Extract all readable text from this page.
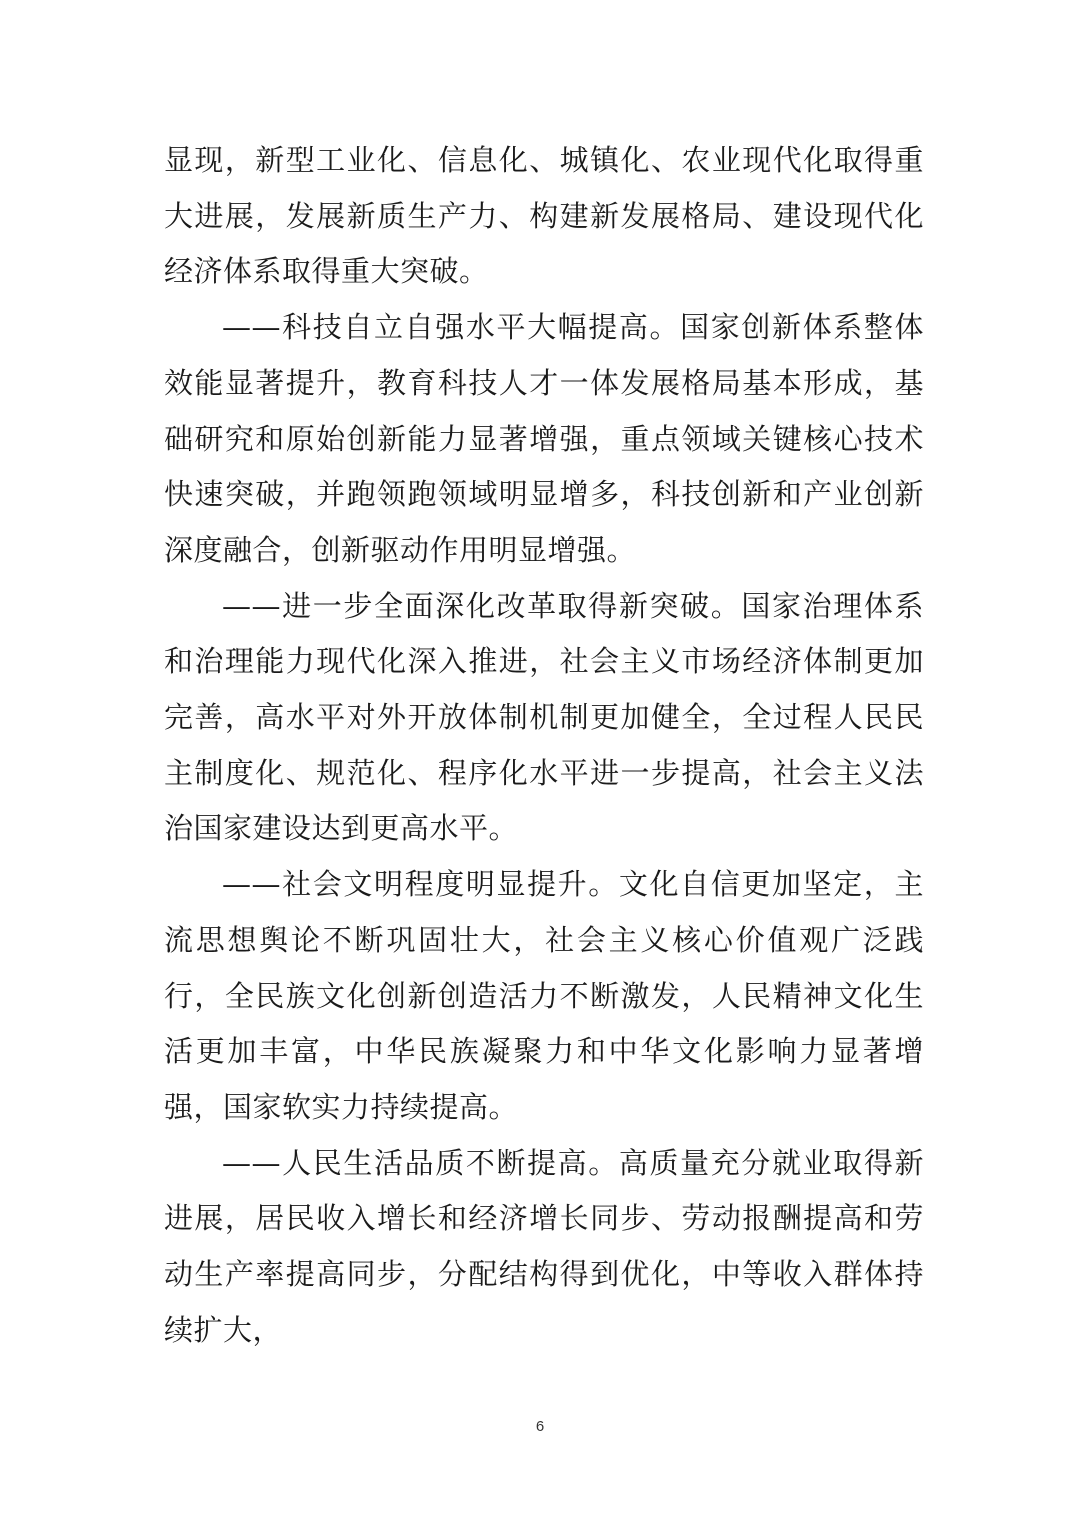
显现，新型工业化、信息化、城镇化、农业现代化取得重大进展，发展新质生产力、构建新发展格局、建设现代化经济体系取得重大突破。

——科技自立自强水平大幅提高。国家创新体系整体效能显著提升，教育科技人才一体发展格局基本形成，基础研究和原始创新能力显著增强，重点领域关键核心技术快速突破，并跑领跑领域明显增多，科技创新和产业创新深度融合，创新驱动作用明显增强。

——进一步全面深化改革取得新突破。国家治理体系和治理能力现代化深入推进，社会主义市场经济体制更加完善，高水平对外开放体制机制更加健全，全过程人民民主制度化、规范化、程序化水平进一步提高，社会主义法治国家建设达到更高水平。

——社会文明程度明显提升。文化自信更加坚定，主流思想舆论不断巩固壮大，社会主义核心价值观广泛践行，全民族文化创新创造活力不断激发，人民精神文化生活更加丰富，中华民族凝聚力和中华文化影响力显著增强，国家软实力持续提高。

——人民生活品质不断提高。高质量充分就业取得新进展，居民收入增长和经济增长同步、劳动报酬提高和劳动生产率提高同步，分配结构得到优化，中等收入群体持续扩大，

6
